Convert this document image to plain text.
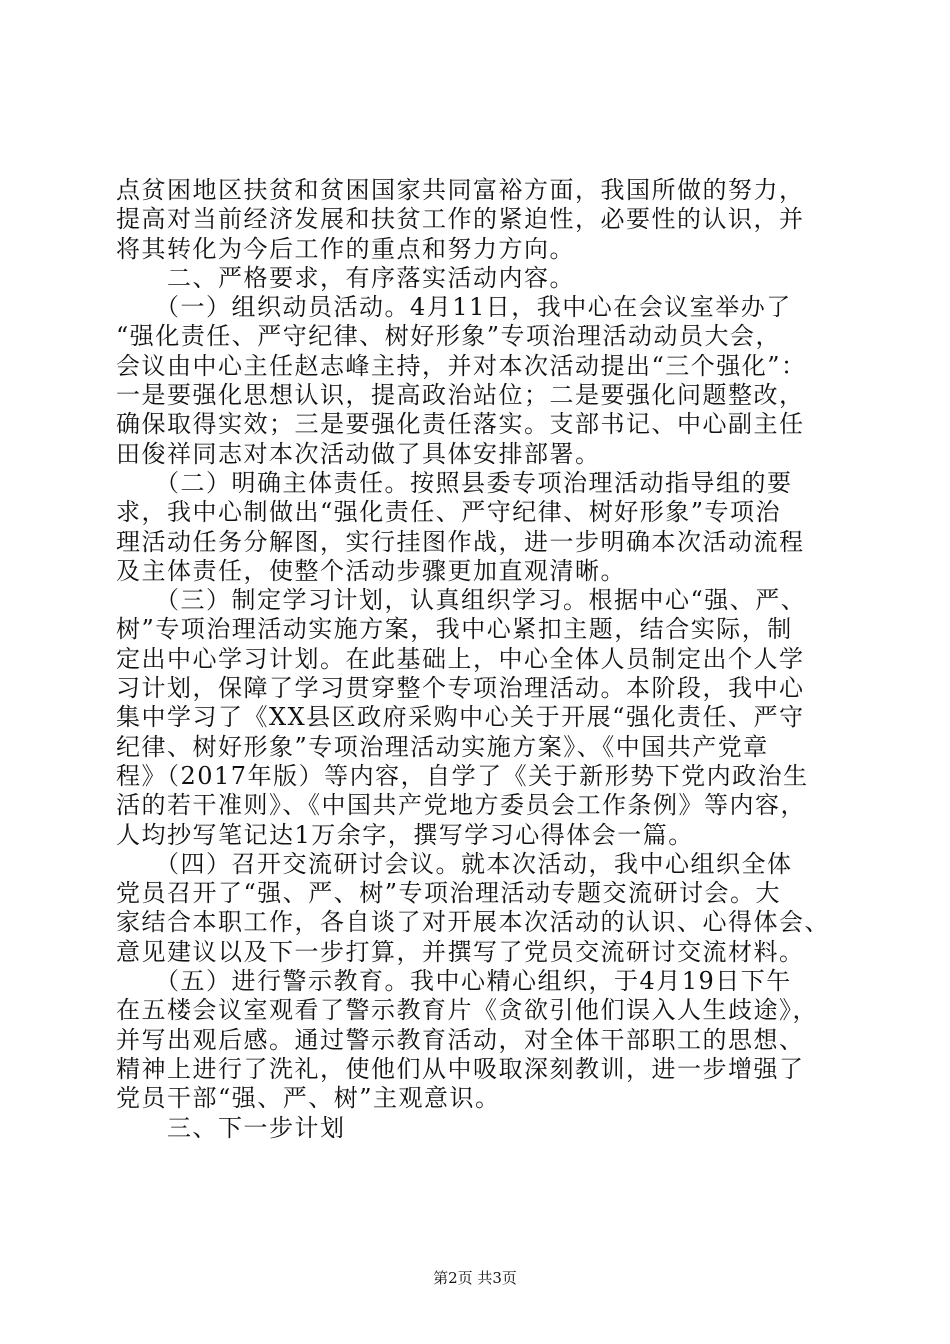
点贫困地区扶贫和贫困国家共同富裕方面，我国所做的努力，
提高对当前经济发展和扶贫工作的紧迫性，必要性的认识，并
将其转化为今后工作的重点和努力方向。
　　二、严格要求，有序落实活动内容。
　　（一）组织动员活动。4月11日，我中心在会议室举办了
“强化责任、严守纪律、树好形象”专项治理活动动员大会，
会议由中心主任赵志峰主持，并对本次活动提出“三个强化”：
一是要强化思想认识，提高政治站位；二是要强化问题整改，
确保取得实效；三是要强化责任落实。支部书记、中心副主任
田俊祥同志对本次活动做了具体安排部署。
　　（二）明确主体责任。按照县委专项治理活动指导组的要
求，我中心制做出“强化责任、严守纪律、树好形象”专项治
理活动任务分解图，实行挂图作战，进一步明确本次活动流程
及主体责任，使整个活动步骤更加直观清晰。
　　（三）制定学习计划，认真组织学习。根据中心“强、严、
树”专项治理活动实施方案，我中心紧扣主题，结合实际，制
定出中心学习计划。在此基础上，中心全体人员制定出个人学
习计划，保障了学习贯穿整个专项治理活动。本阶段，我中心
集中学习了《XX县区政府采购中心关于开展“强化责任、严守
纪律、树好形象”专项治理活动实施方案》、《中国共产党章
程》（2017年版）等内容，自学了《关于新形势下党内政治生
活的若干准则》、《中国共产党地方委员会工作条例》等内容，
人均抄写笔记达1万余字，撰写学习心得体会一篇。
　　（四）召开交流研讨会议。就本次活动，我中心组织全体
党员召开了“强、严、树”专项治理活动专题交流研讨会。大
家结合本职工作，各自谈了对开展本次活动的认识、心得体会、
意见建议以及下一步打算，并撰写了党员交流研讨交流材料。
　　（五）进行警示教育。我中心精心组织，于4月19日下午
在五楼会议室观看了警示教育片《贪欲引他们误入人生歧途》，
并写出观后感。通过警示教育活动，对全体干部职工的思想、
精神上进行了洗礼，使他们从中吸取深刻教训，进一步增强了
党员干部“强、严、树”主观意识。
　　三、下一步计划
第2页 共3页
